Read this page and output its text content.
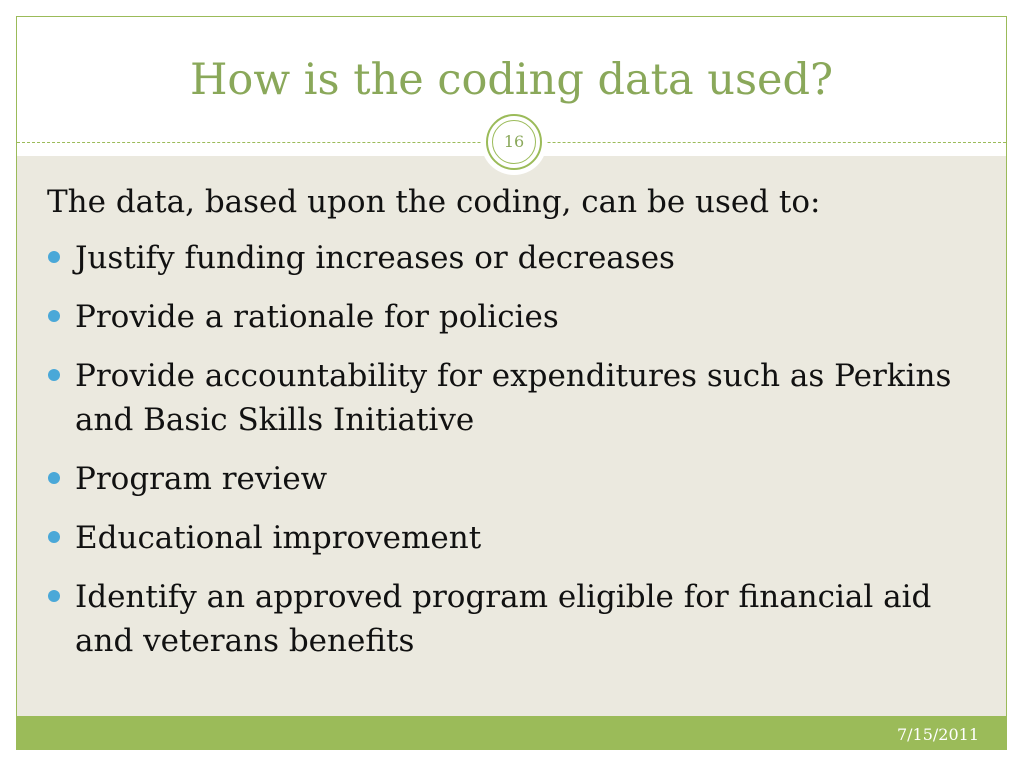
How is the coding data used?
16
The data, based upon the coding, can be used to:
Justify funding increases or decreases
Provide a rationale for policies
Provide accountability for expenditures such as Perkins and Basic Skills Initiative
Program review
Educational improvement
Identify an approved program eligible for financial aid and veterans benefits
7/15/2011
